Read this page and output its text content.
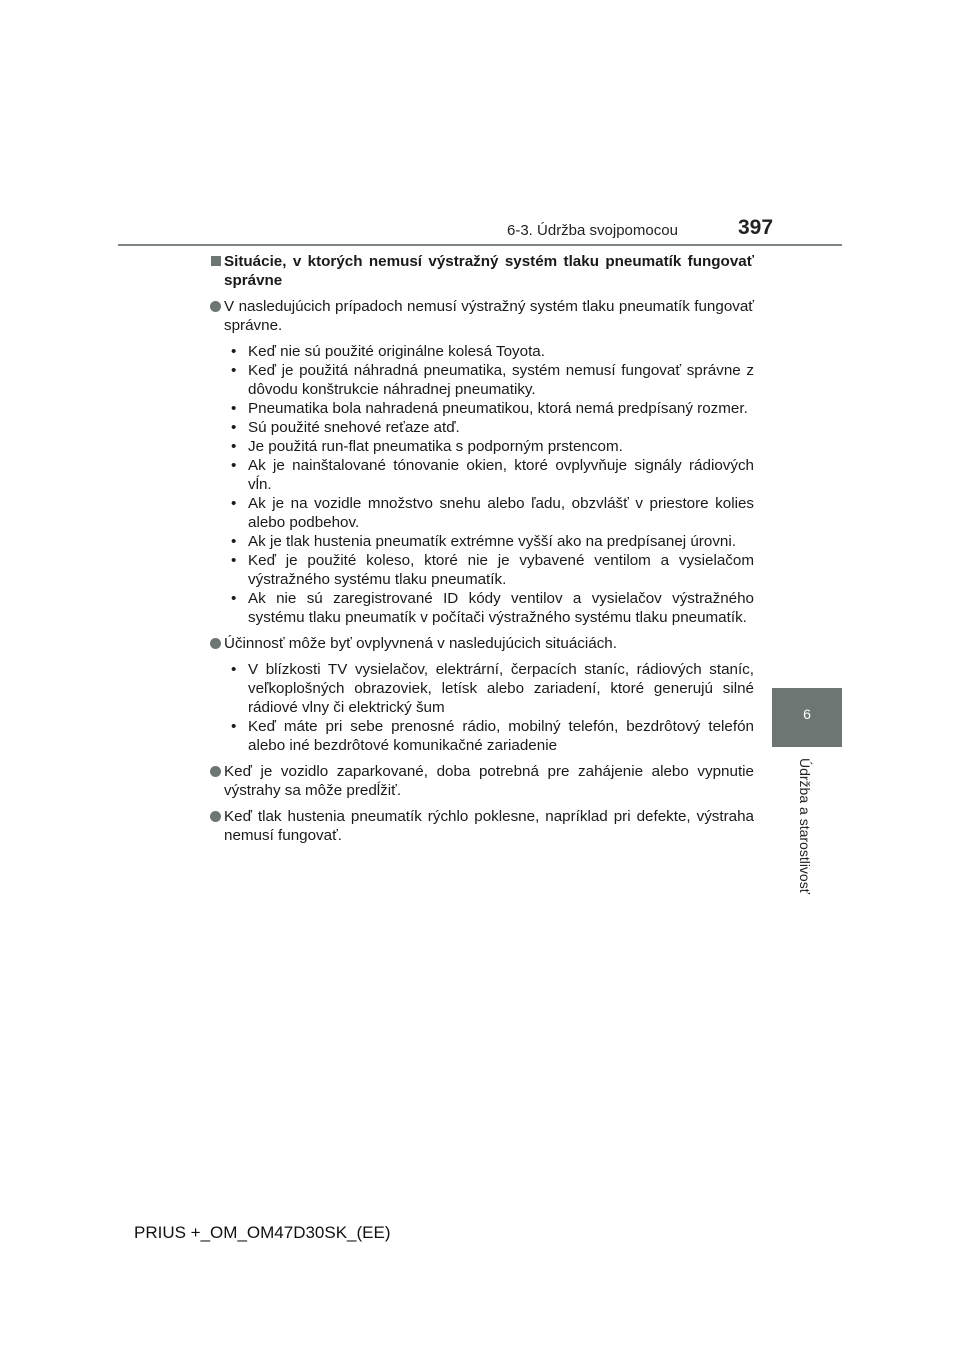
6-3. Údržba svojpomocou	397
6
Údržba a starostlivosť
Situácie, v ktorých nemusí výstražný systém tlaku pneumatík fungovať správne
V nasledujúcich prípadoch nemusí výstražný systém tlaku pneumatík fungovať správne.
• Keď nie sú použité originálne kolesá Toyota.
• Keď je použitá náhradná pneumatika, systém nemusí fungovať správne z dôvodu konštrukcie náhradnej pneumatiky.
• Pneumatika bola nahradená pneumatikou, ktorá nemá predpísaný rozmer.
• Sú použité snehové reťaze atď.
• Je použitá run-flat pneumatika s podporným prstencom.
• Ak je nainštalované tónovanie okien, ktoré ovplyvňuje signály rádiových vĺn.
• Ak je na vozidle množstvo snehu alebo ľadu, obzvlášť v priestore kolies alebo podbehov.
• Ak je tlak hustenia pneumatík extrémne vyšší ako na predpísanej úrovni.
• Keď je použité koleso, ktoré nie je vybavené ventilom a vysielačom výstražného systému tlaku pneumatík.
• Ak nie sú zaregistrované ID kódy ventilov a vysielačov výstražného systému tlaku pneumatík v počítači výstražného systému tlaku pneumatík.
Účinnosť môže byť ovplyvnená v nasledujúcich situáciách.
• V blízkosti TV vysielačov, elektrární, čerpacích staníc, rádiových staníc, veľkoplošných obrazoviek, letísk alebo zariadení, ktoré generujú silné rádiové vlny či elektrický šum
• Keď máte pri sebe prenosné rádio, mobilný telefón, bezdrôtový telefón alebo iné bezdrôtové komunikačné zariadenie
Keď je vozidlo zaparkované, doba potrebná pre zahájenie alebo vypnutie výstrahy sa môže predĺžiť.
Keď tlak hustenia pneumatík rýchlo poklesne, napríklad pri defekte, výstraha nemusí fungovať.
PRIUS +_OM_OM47D30SK_(EE)
